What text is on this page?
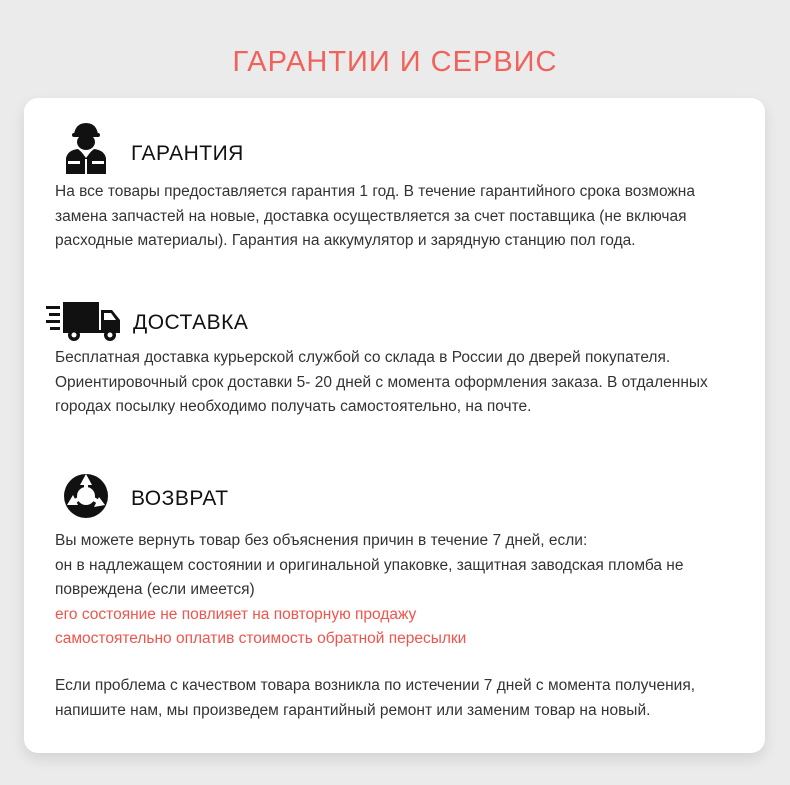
ГАРАНТИИ И СЕРВИС
ГАРАНТИЯ

На все товары предоставляется гарантия 1 год. В течение гарантийного срока возможна
замена запчастей на новые, доставка осуществляется за счет поставщика (не включая
расходные материалы). Гарантия на аккумулятор и зарядную станцию пол года.

ДОСТАВКА

Бесплатная доставка курьерской службой со склада в России до дверей покупателя.
Ориентировочный срок доставки 5- 20 дней с момента оформления заказа. В отдаленных
городах посылку необходимо получать самостоятельно, на почте.

ВОЗВРАТ

Вы можете вернуть товар без объяснения причин в течение 7 дней, если:
он в надлежащем состоянии и оригинальной упаковке, защитная заводская пломба не
повреждена (если имеется)
его состояние не повлияет на повторную продажу
самостоятельно оплатив стоимость обратной пересылки

Если проблема с качеством товара возникла по истечении 7 дней с момента получения,
напишите нам, мы произведем гарантийный ремонт или заменим товар на новый.
